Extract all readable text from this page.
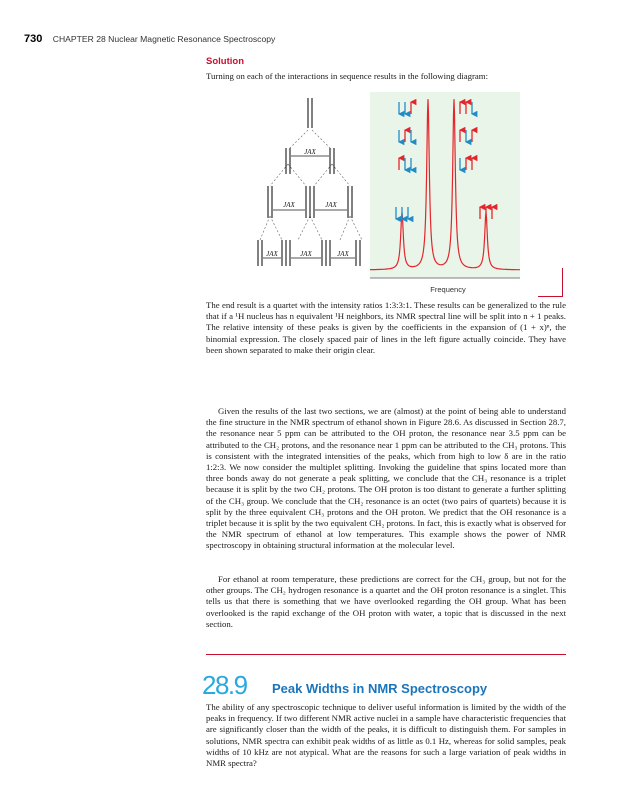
730 CHAPTER 28 Nuclear Magnetic Resonance Spectroscopy
Solution
Turning on each of the interactions in sequence results in the following diagram:
JAX
JAX	JAX
JAX	JAX	JAX
Frequency
The end result is a quartet with the intensity ratios 1:3:3:1. These results can be generalized to the rule that if a ¹H nucleus has n equivalent ¹H neighbors, its NMR spectral line will be split into n + 1 peaks. The relative intensity of these peaks is given by the coefficients in the expansion of (1 + x)ⁿ, the binomial expression. The closely spaced pair of lines in the left figure actually coincide. They have been shown separated to make their origin clear.
Given the results of the last two sections, we are (almost) at the point of being able to understand the fine structure in the NMR spectrum of ethanol shown in Figure 28.6. As discussed in Section 28.7, the resonance near 5 ppm can be attributed to the OH proton, the resonance near 3.5 ppm can be attributed to the CH₂ protons, and the resonance near 1 ppm can be attributed to the CH₃ protons. This is consistent with the integrated intensities of the peaks, which from high to low δ are in the ratio 1:2:3. We now consider the multiplet splitting. Invoking the guideline that spins located more than three bonds away do not generate a peak splitting, we conclude that the CH₃ resonance is a triplet because it is split by the two CH₂ protons. The OH proton is too distant to generate a further splitting of the CH₃ group. We conclude that the CH₂ resonance is an octet (two pairs of quartets) because it is split by the three equivalent CH₃ protons and the OH proton. We predict that the OH resonance is a triplet because it is split by the two equivalent CH₂ protons. In fact, this is exactly what is observed for the NMR spectrum of ethanol at low temperatures. This example shows the power of NMR spectroscopy in obtaining structural information at the molecular level.
For ethanol at room temperature, these predictions are correct for the CH₃ group, but not for the other groups. The CH₂ hydrogen resonance is a quartet and the OH proton resonance is a singlet. This tells us that there is something that we have overlooked regarding the OH group. What has been overlooked is the rapid exchange of the OH proton with water, a topic that is discussed in the next section.
28.9 Peak Widths in NMR Spectroscopy
The ability of any spectroscopic technique to deliver useful information is limited by the width of the peaks in frequency. If two different NMR active nuclei in a sample have characteristic frequencies that are significantly closer than the width of the peaks, it is difficult to distinguish them. For samples in solutions, NMR spectra can exhibit peak widths of as little as 0.1 Hz, whereas for solid samples, peak widths of 10 kHz are not atypical. What are the reasons for such a large variation of peak widths in NMR spectra?
